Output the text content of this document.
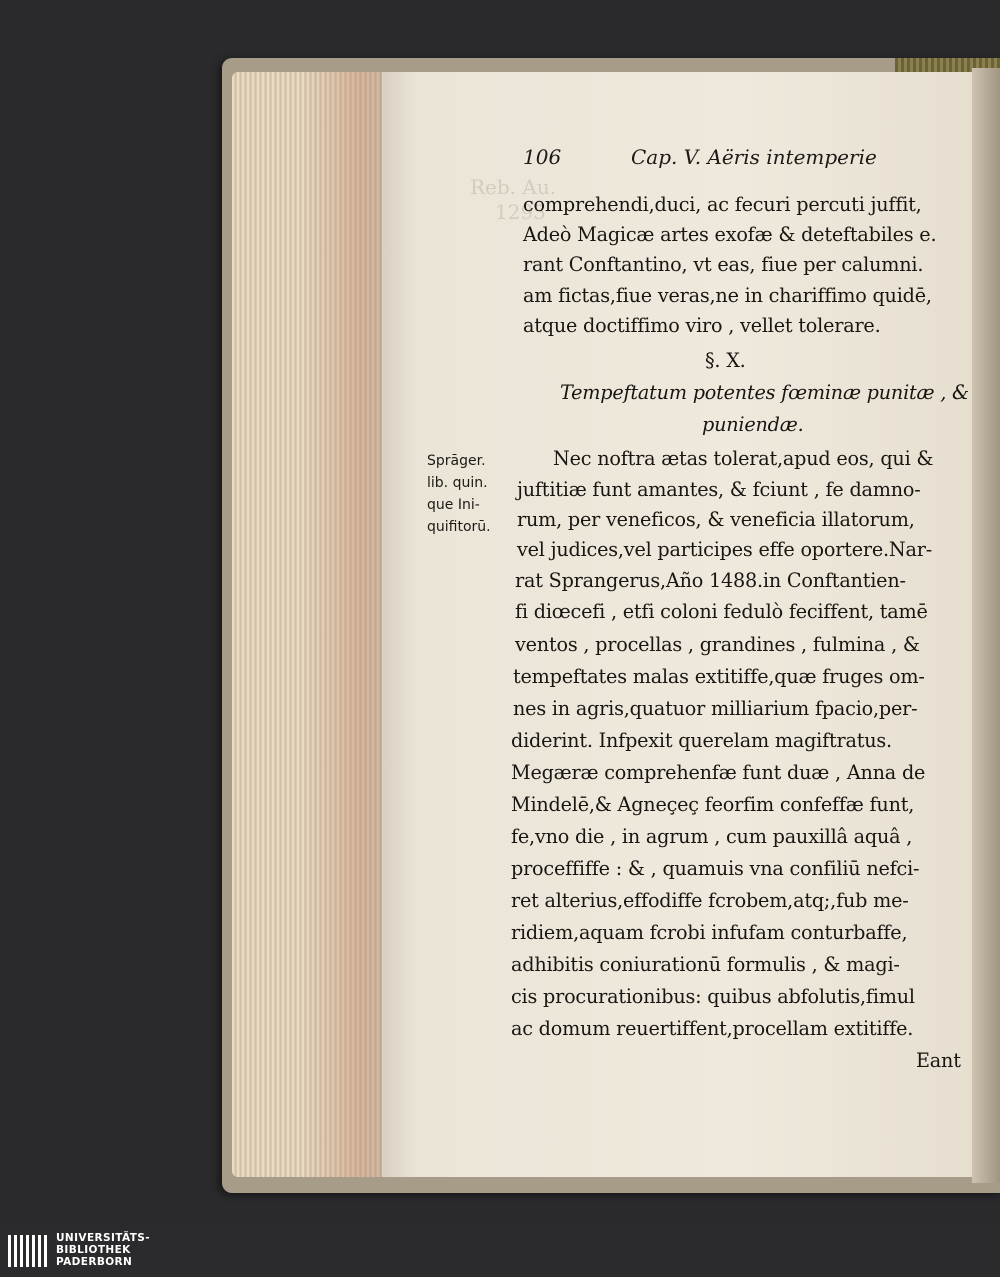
Reb. Au.
1295
106	Cap. V. Aëris intemperie
comprehendi,duci, ac fecuri percuti juffit,
Adeò Magicæ artes exofæ & deteftabiles e.
rant Conftantino, vt eas, fiue per calumni.
am fictas,fiue veras,ne in chariffimo quidē,
atque doctiffimo viro , vellet tolerare.
§. X.
Tempeftatum potentes fœminæ punitæ , &
puniendæ.
Nec noftra ætas tolerat,apud eos, qui &
juftitiæ funt amantes, & fciunt , fe damno-
rum, per veneficos, & veneficia illatorum,
vel judices,vel participes effe oportere.Nar-
rat Sprangerus,Año 1488.in Conftantien-
fi diœcefi , etfi coloni fedulò feciffent, tamē
ventos , procellas , grandines , fulmina , &
tempeftates malas extitiffe,quæ fruges om-
nes in agris,quatuor milliarium fpacio,per-
diderint. Infpexit querelam magiftratus.
Megæræ comprehenfæ funt duæ , Anna de
Mindelē,& Agneçeç feorfim confeffæ funt,
fe,vno die , in agrum , cum pauxillâ aquâ ,
proceffiffe : & , quamuis vna confiliū nefci-
ret alterius,effodiffe fcrobem,atq;,fub me-
ridiem,aquam fcrobi infufam conturbaffe,
adhibitis coniurationū formulis , & magi-
cis procurationibus: quibus abfolutis,fimul
ac domum reuertiffent,procellam extitiffe.
Eant
Sprāger.
lib. quin.
que Ini-
quifitorū.
UNIVERSITÄTS-
BIBLIOTHEK
PADERBORN
